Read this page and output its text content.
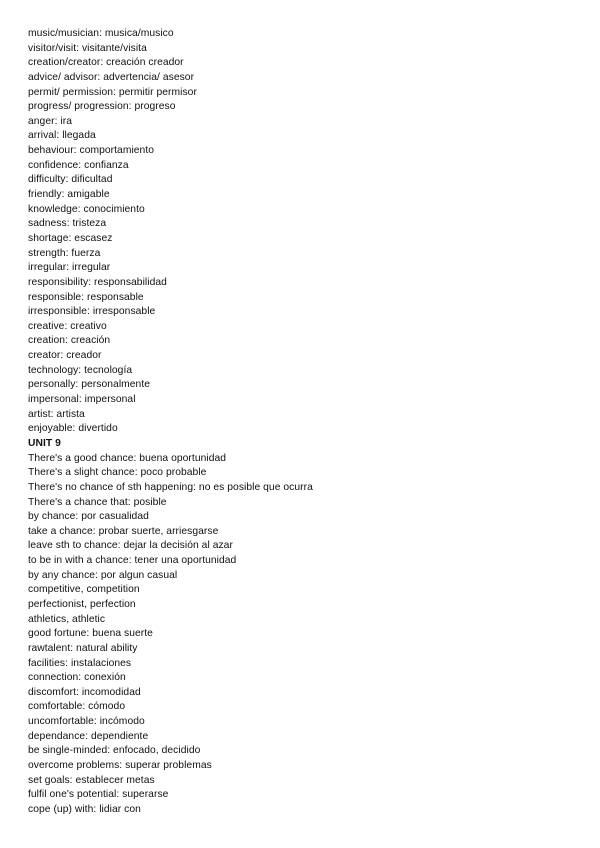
music/musician: musica/musico
visitor/visit: visitante/visita
creation/creator: creación creador
advice/ advisor: advertencia/ asesor
permit/ permission: permitir permisor
progress/ progression: progreso
anger: ira
arrival: llegada
behaviour: comportamiento
confidence: confianza
difficulty: dificultad
friendly: amigable
knowledge: conocimiento
sadness: tristeza
shortage: escasez
strength: fuerza
irregular: irregular
responsibility: responsabilidad
responsible: responsable
irresponsible: irresponsable
creative: creativo
creation: creación
creator: creador
technology: tecnología
personally: personalmente
impersonal: impersonal
artist: artista
enjoyable: divertido
UNIT 9
There's a good chance: buena oportunidad
There's a slight chance: poco probable
There's no chance of sth happening: no es posible que ocurra
There's a chance that: posible
by chance: por casualidad
take a chance: probar suerte, arriesgarse
leave sth to chance: dejar la decisión al azar
to be in with a chance: tener una oportunidad
by any chance: por algun casual
competitive, competition
perfectionist, perfection
athletics, athletic
good fortune: buena suerte
rawtalent: natural ability
facilities: instalaciones
connection: conexión
discomfort: incomodidad
comfortable: cómodo
uncomfortable: incómodo
dependance: dependiente
be single-minded: enfocado, decidido
overcome problems: superar problemas
set goals: establecer metas
fulfil one's potential: superarse
cope (up) with: lidiar con
